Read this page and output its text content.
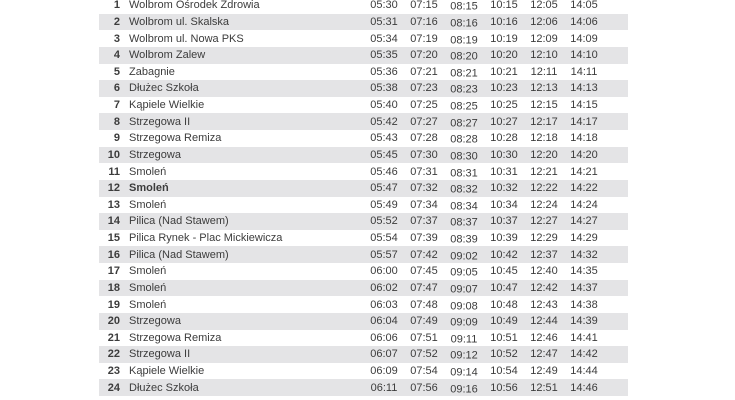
1 Wolbrom Ośrodek Zdrowia	05:30	07:15	08:15	10:15	12:05	14:05
2 Wolbrom ul. Skalska	05:31	07:16	08:16	10:16	12:06	14:06
3 Wolbrom ul. Nowa PKS	05:34	07:19	08:19	10:19	12:09	14:09
4 Wolbrom Zalew	05:35	07:20	08:20	10:20	12:10	14:10
5 Zabagnie	05:36	07:21	08:21	10:21	12:11	14:11
6 Dłużec Szkoła	05:38	07:23	08:23	10:23	12:13	14:13
7 Kąpiele Wielkie	05:40	07:25	08:25	10:25	12:15	14:15
8 Strzegowa II	05:42	07:27	08:27	10:27	12:17	14:17
9 Strzegowa Remiza	05:43	07:28	08:28	10:28	12:18	14:18
10 Strzegowa	05:45	07:30	08:30	10:30	12:20	14:20
11 Smoleń	05:46	07:31	08:31	10:31	12:21	14:21
12 Smoleń	05:47	07:32	08:32	10:32	12:22	14:22
13 Smoleń	05:49	07:34	08:34	10:34	12:24	14:24
14 Pilica (Nad Stawem)	05:52	07:37	08:37	10:37	12:27	14:27
15 Pilica Rynek - Plac Mickiewicza	05:54	07:39	08:39	10:39	12:29	14:29
16 Pilica (Nad Stawem)	05:57	07:42	09:02	10:42	12:37	14:32
17 Smoleń	06:00	07:45	09:05	10:45	12:40	14:35
18 Smoleń	06:02	07:47	09:07	10:47	12:42	14:37
19 Smoleń	06:03	07:48	09:08	10:48	12:43	14:38
20 Strzegowa	06:04	07:49	09:09	10:49	12:44	14:39
21 Strzegowa Remiza	06:06	07:51	09:11	10:51	12:46	14:41
22 Strzegowa II	06:07	07:52	09:12	10:52	12:47	14:42
23 Kąpiele Wielkie	06:09	07:54	09:14	10:54	12:49	14:44
24 Dłużec Szkoła	06:11	07:56	09:16	10:56	12:51	14:46
